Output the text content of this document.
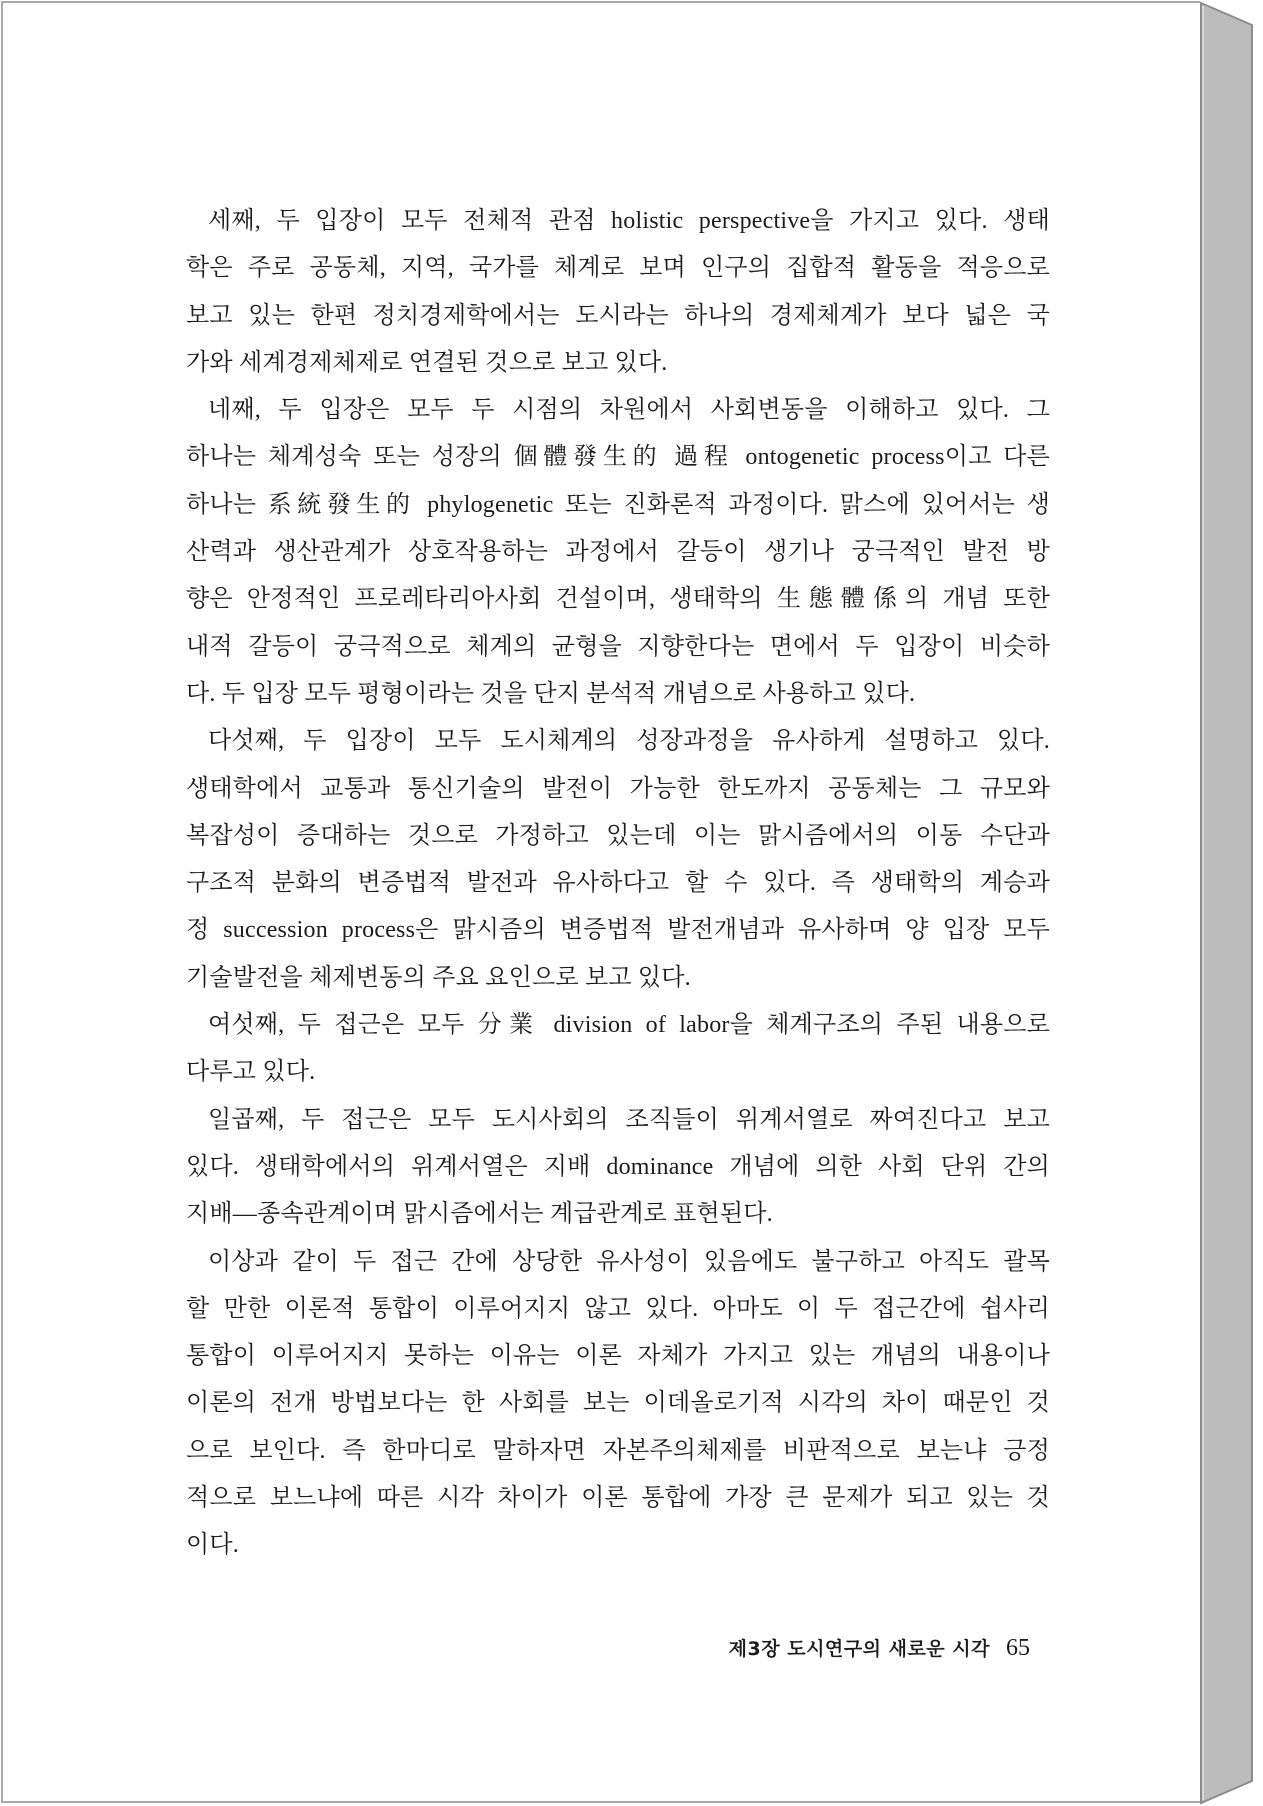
세째, 두 입장이 모두 전체적 관점 holistic perspective을 가지고 있다. 생태
학은 주로 공동체, 지역, 국가를 체계로 보며 인구의 집합적 활동을 적응으로
보고 있는 한편 정치경제학에서는 도시라는 하나의 경제체계가 보다 넓은 국
가와 세계경제체제로 연결된 것으로 보고 있다.
네째, 두 입장은 모두 두 시점의 차원에서 사회변동을 이해하고 있다. 그
하나는 체계성숙 또는 성장의 個體發生的 過程 ontogenetic process이고 다른
하나는 系統發生的 phylogenetic 또는 진화론적 과정이다. 맑스에 있어서는 생
산력과 생산관계가 상호작용하는 과정에서 갈등이 생기나 궁극적인 발전 방
향은 안정적인 프로레타리아사회 건설이며, 생태학의 生態體係의 개념 또한
내적 갈등이 궁극적으로 체계의 균형을 지향한다는 면에서 두 입장이 비슷하
다. 두 입장 모두 평형이라는 것을 단지 분석적 개념으로 사용하고 있다.
다섯째, 두 입장이 모두 도시체계의 성장과정을 유사하게 설명하고 있다.
생태학에서 교통과 통신기술의 발전이 가능한 한도까지 공동체는 그 규모와
복잡성이 증대하는 것으로 가정하고 있는데 이는 맑시즘에서의 이동 수단과
구조적 분화의 변증법적 발전과 유사하다고 할 수 있다. 즉 생태학의 계승과
정 succession process은 맑시즘의 변증법적 발전개념과 유사하며 양 입장 모두
기술발전을 체제변동의 주요 요인으로 보고 있다.
여섯째, 두 접근은 모두 分業 division of labor을 체계구조의 주된 내용으로
다루고 있다.
일곱째, 두 접근은 모두 도시사회의 조직들이 위계서열로 짜여진다고 보고
있다. 생태학에서의 위계서열은 지배 dominance 개념에 의한 사회 단위 간의
지배—종속관계이며 맑시즘에서는 계급관계로 표현된다.
이상과 같이 두 접근 간에 상당한 유사성이 있음에도 불구하고 아직도 괄목
할 만한 이론적 통합이 이루어지지 않고 있다. 아마도 이 두 접근간에 쉽사리
통합이 이루어지지 못하는 이유는 이론 자체가 가지고 있는 개념의 내용이나
이론의 전개 방법보다는 한 사회를 보는 이데올로기적 시각의 차이 때문인 것
으로 보인다. 즉 한마디로 말하자면 자본주의체제를 비판적으로 보는냐 긍정
적으로 보느냐에 따른 시각 차이가 이론 통합에 가장 큰 문제가 되고 있는 것
이다.
제3장 도시연구의 새로운 시각 65
